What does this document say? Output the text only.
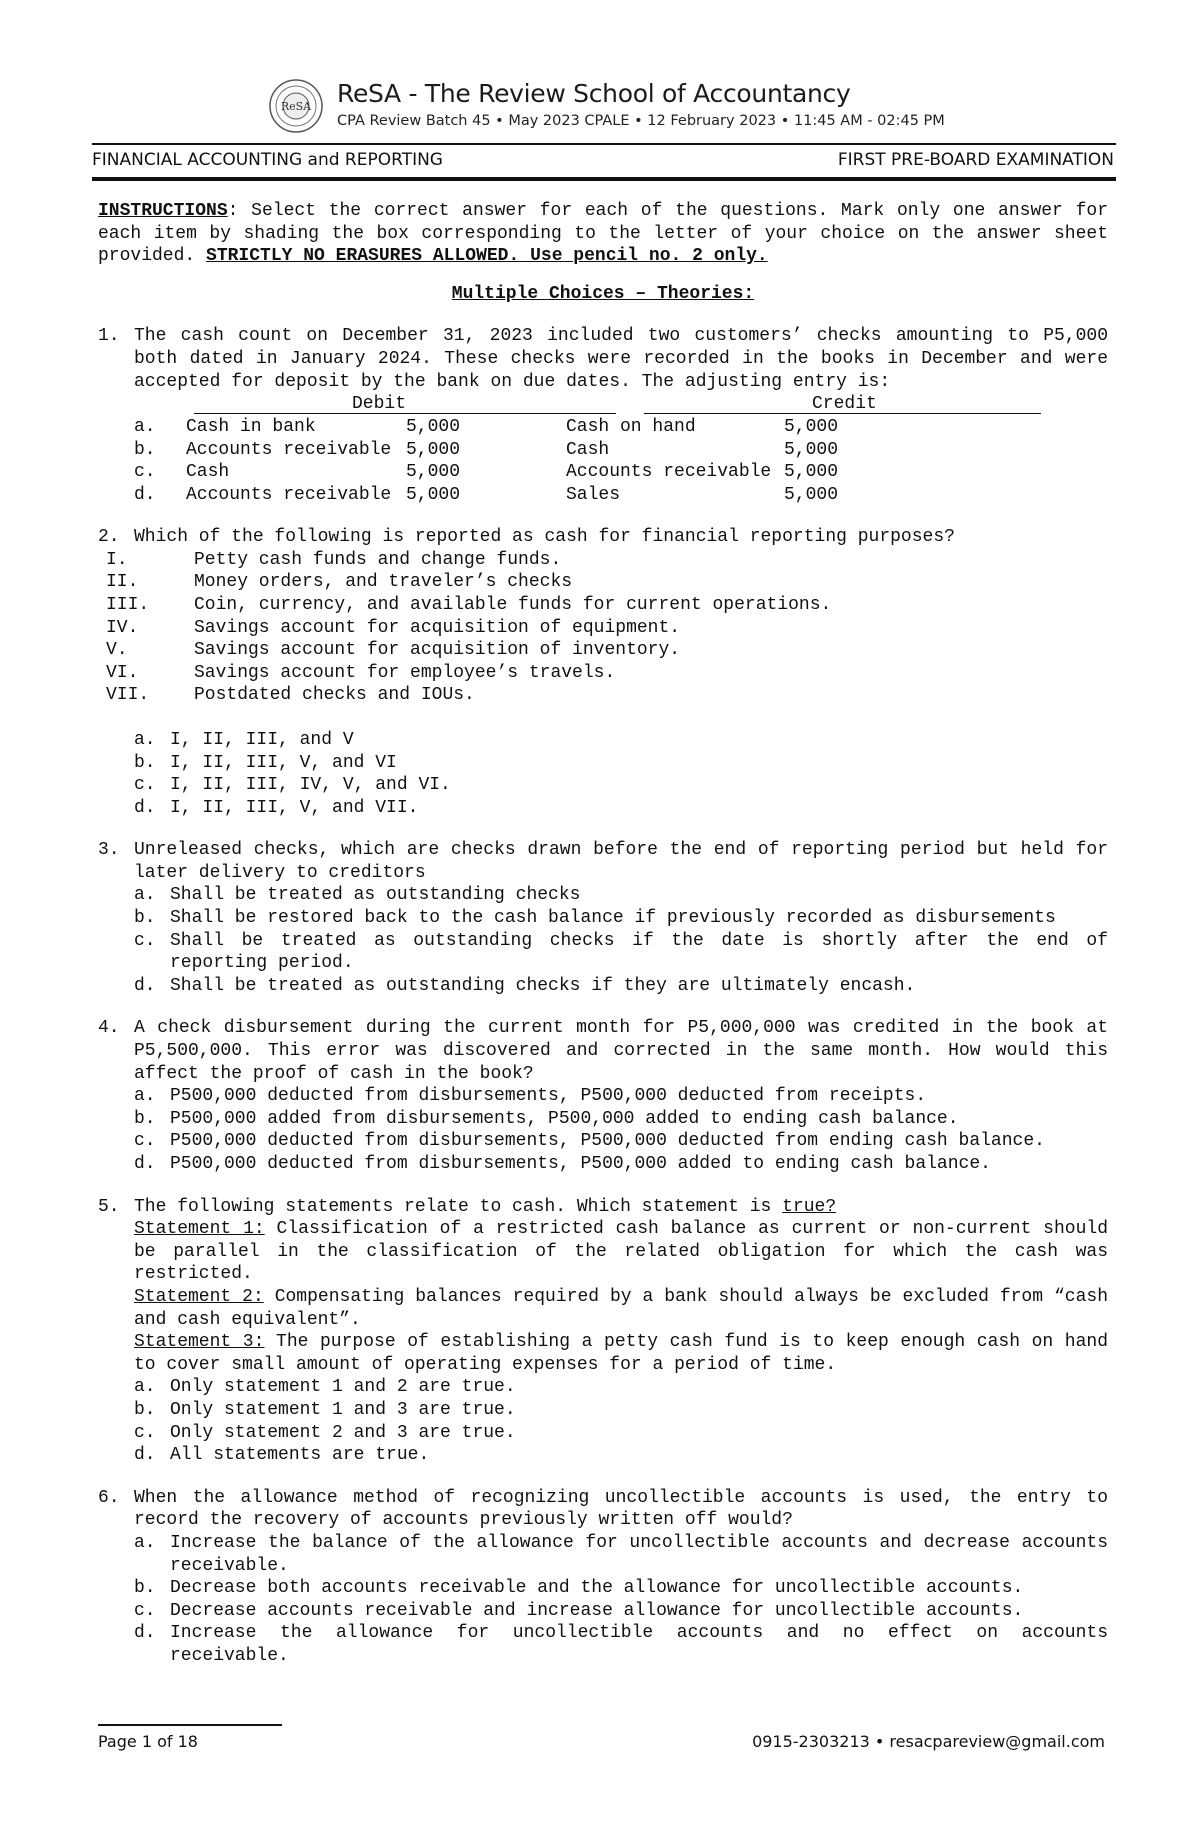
ReSA ReSA - The Review School of Accountancy
CPA Review Batch 45 • May 2023 CPALE • 12 February 2023 • 11:45 AM - 02:45 PM
FINANCIAL ACCOUNTING and REPORTING	FIRST PRE-BOARD EXAMINATION
INSTRUCTIONS: Select the correct answer for each of the questions. Mark only one answer for each item by shading the box corresponding to the letter of your choice on the answer sheet provided. STRICTLY NO ERASURES ALLOWED. Use pencil no. 2 only.
Multiple Choices – Theories:
1. The cash count on December 31, 2023 included two customers’ checks amounting to P5,000 both dated in January 2024. These checks were recorded in the books in December and were accepted for deposit by the bank on due dates. The adjusting entry is:
Debit	Credit
a. Cash in bank	5,000	Cash on hand	5,000
b. Accounts receivable 5,000	Cash	5,000
c. Cash	5,000	Accounts receivable 5,000
d. Accounts receivable 5,000	Sales	5,000
2. Which of the following is reported as cash for financial reporting purposes?
I.	Petty cash funds and change funds.
II.	Money orders, and traveler’s checks
III. Coin, currency, and available funds for current operations.
IV.	Savings account for acquisition of equipment.
V.	Savings account for acquisition of inventory.
VI.	Savings account for employee’s travels.
VII. Postdated checks and IOUs.
a. I, II, III, and V
b. I, II, III, V, and VI
c. I, II, III, IV, V, and VI.
d. I, II, III, V, and VII.
3. Unreleased checks, which are checks drawn before the end of reporting period but held for later delivery to creditors
a. Shall be treated as outstanding checks
b. Shall be restored back to the cash balance if previously recorded as disbursements
c. Shall be treated as outstanding checks if the date is shortly after the end of reporting period.
d. Shall be treated as outstanding checks if they are ultimately encash.
4. A check disbursement during the current month for P5,000,000 was credited in the book at P5,500,000. This error was discovered and corrected in the same month. How would this affect the proof of cash in the book?
a. P500,000 deducted from disbursements, P500,000 deducted from receipts.
b. P500,000 added from disbursements, P500,000 added to ending cash balance.
c. P500,000 deducted from disbursements, P500,000 deducted from ending cash balance.
d. P500,000 deducted from disbursements, P500,000 added to ending cash balance.
5. The following statements relate to cash. Which statement is true?
Statement 1: Classification of a restricted cash balance as current or non-current should be parallel in the classification of the related obligation for which the cash was restricted.
Statement 2: Compensating balances required by a bank should always be excluded from “cash and cash equivalent”.
Statement 3: The purpose of establishing a petty cash fund is to keep enough cash on hand to cover small amount of operating expenses for a period of time.
a. Only statement 1 and 2 are true.
b. Only statement 1 and 3 are true.
c. Only statement 2 and 3 are true.
d. All statements are true.
6. When the allowance method of recognizing uncollectible accounts is used, the entry to record the recovery of accounts previously written off would?
a. Increase the balance of the allowance for uncollectible accounts and decrease accounts receivable.
b. Decrease both accounts receivable and the allowance for uncollectible accounts.
c. Decrease accounts receivable and increase allowance for uncollectible accounts.
d. Increase the allowance for uncollectible accounts and no effect on accounts receivable.
Page 1 of 18	0915-2303213 • resacpareview@gmail.com
